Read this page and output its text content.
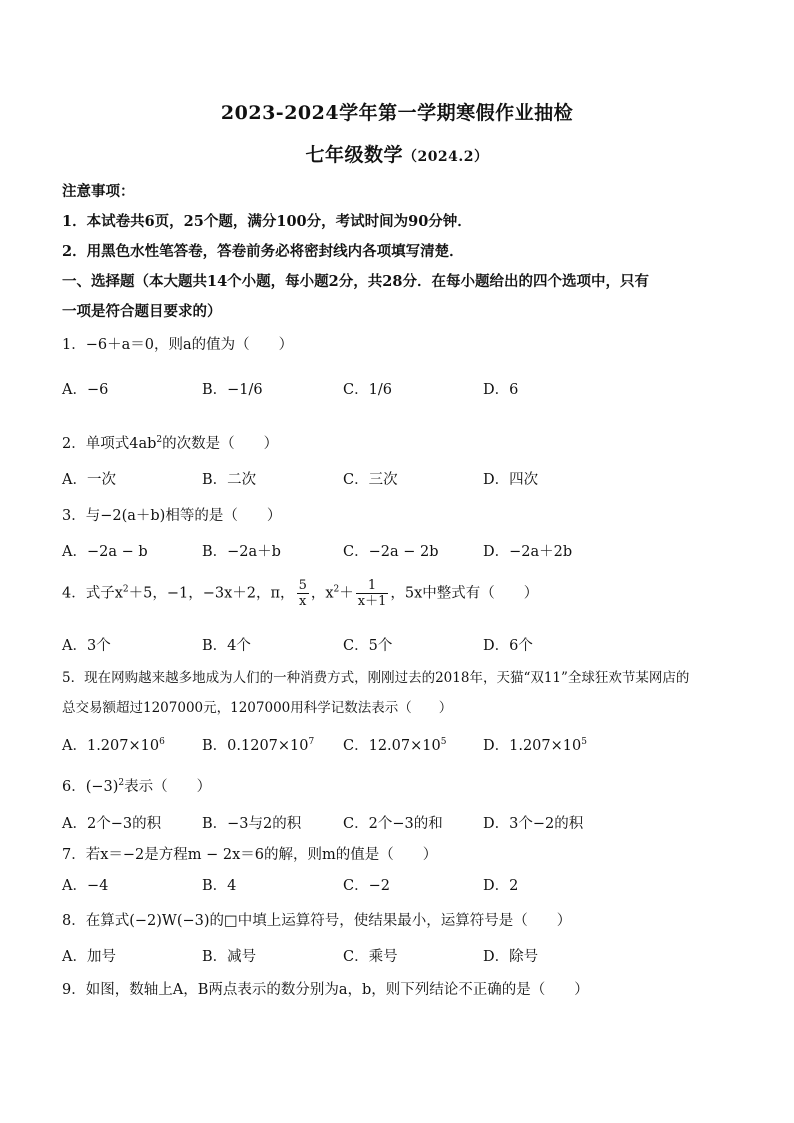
2023-2024学年第一学期寒假作业抽检
七年级数学（2024.2）
注意事项：
1．本试卷共6页，25个题，满分100分，考试时间为90分钟．
2．用黑色水性笔答卷，答卷前务必将密封线内各项填写清楚．
一、选择题（本大题共14个小题，每小题2分，共28分．在每小题给出的四个选项中，只有
一项是符合题目要求的）
1．−6＋a＝0，则a的值为（　　）
A．−6	B．−1/6	C．1/6	D．6
2．单项式$4ab^2$的次数是（　　）
A．一次	B．二次	C．三次	D．四次
3．与−2(a＋b)相等的是（　　）
A．−2a − b	B．−2a＋b	C．−2a − 2b	D．−2a＋2b
4．式子$x^2+5$，−1，−3x＋2，π， $\frac{5}{x}$ ，$x^2+ \frac{1}{x+1}$ ，5x中整式有（　　）
A．3个	B．4个	C．5个	D．6个
5．现在网购越来越多地成为人们的一种消费方式，刚刚过去的2018年，天猫“双11”全球狂欢节某网店的
总交易额超过1207000元，1207000用科学记数法表示（　　）
A．$1.207\times 10^6$	B．$0.1207\times 10^7$ C．$12.07\times 10^5$	D．$1.207\times 10^5$
6．$(-3)^2$表示（　　）
A．2个−3的积	B．−3与2的积	C．2个−3的和	D．3个−2的积
7．若x＝−2是方程m − 2x＝6的解，则m的值是（　　）
A．−4	B．4	C．−2	D．2
8．在算式(−2)W(−3)的□中填上运算符号，使结果最小，运算符号是（　　）
A．加号	B．减号	C．乘号	D．除号
9．如图，数轴上A，B两点表示的数分别为a，b，则下列结论不正确的是（　　）
